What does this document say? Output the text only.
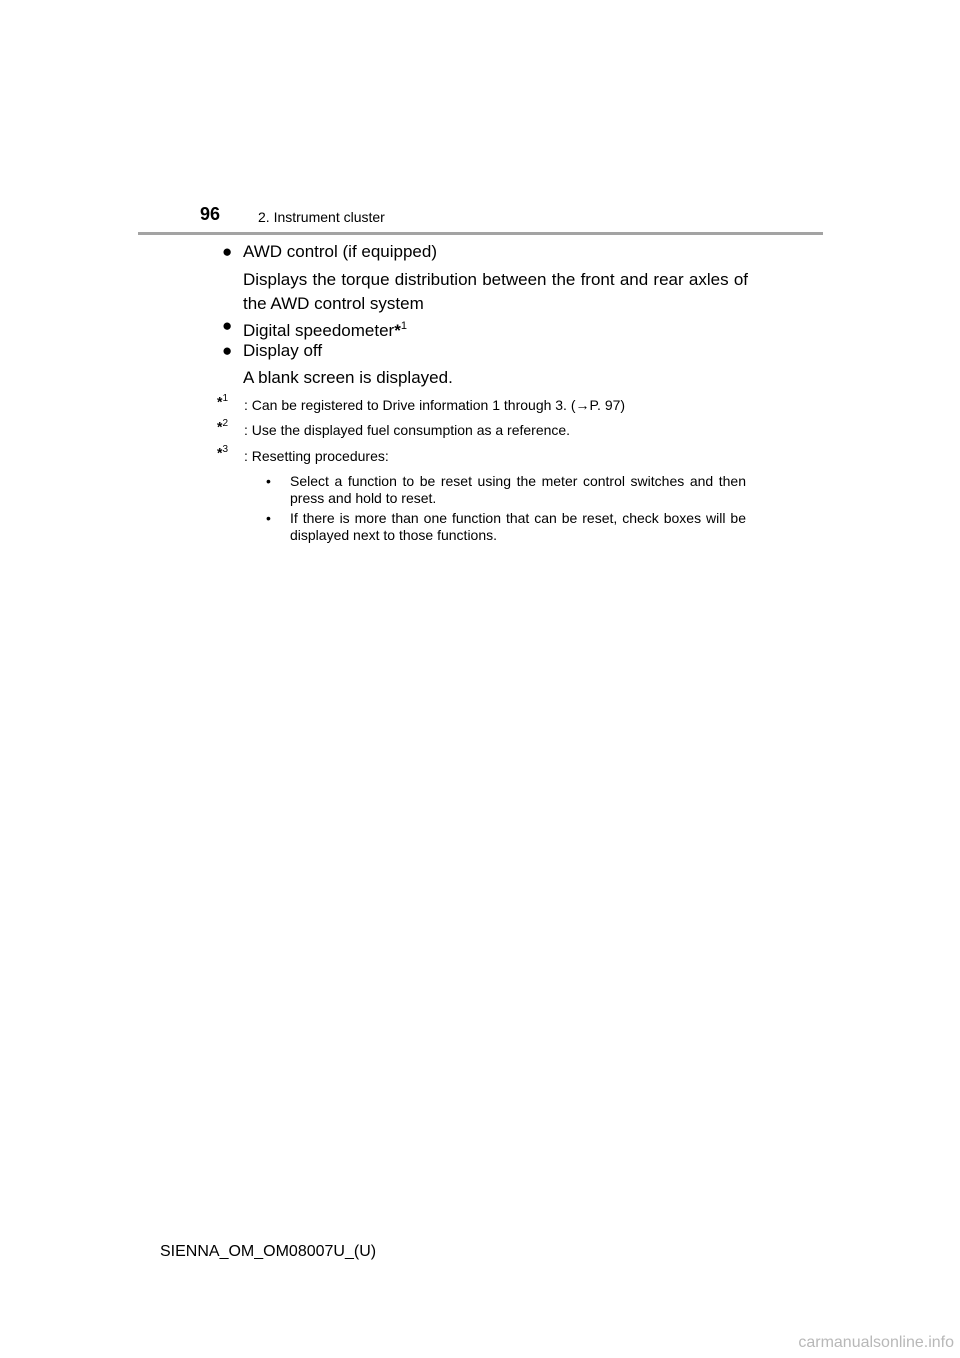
96	2. Instrument cluster
● AWD control (if equipped)
Displays the torque distribution between the front and rear axles of the AWD control system
● Digital speedometer*$^1$
● Display off
A blank screen is displayed.
*$^1$ : Can be registered to Drive information 1 through 3. (→P. 97)
*$^2$ : Use the displayed fuel consumption as a reference.
*$^3$ : Resetting procedures:
• Select a function to be reset using the meter control switches and then press and hold to reset.
• If there is more than one function that can be reset, check boxes will be displayed next to those functions.
SIENNA_OM_OM08007U_(U)
carmanualsonline.info
